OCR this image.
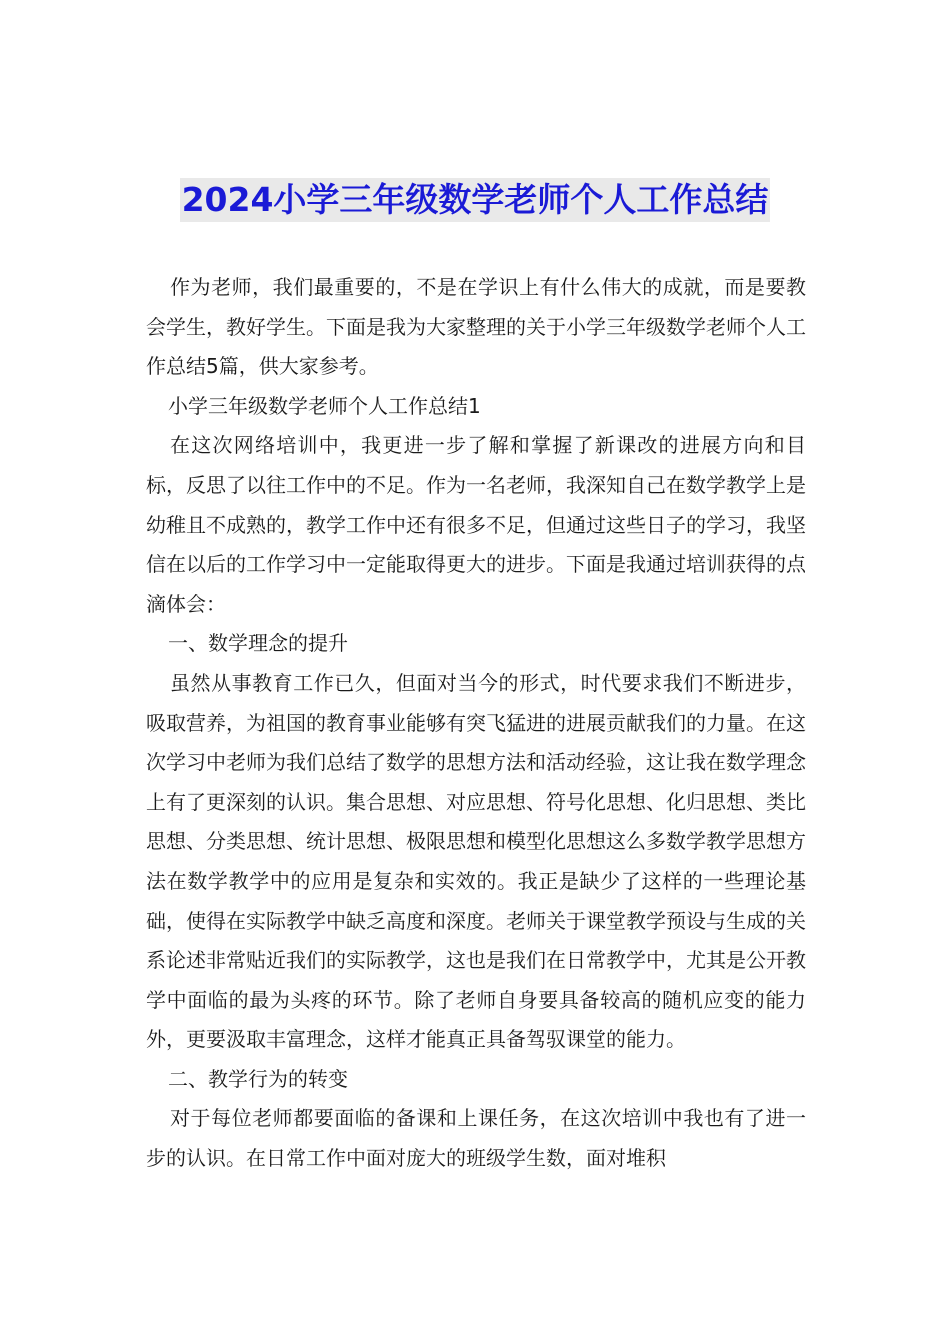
2024小学三年级数学老师个人工作总结

作为老师，我们最重要的，不是在学识上有什么伟大的成就，而是要教会学生，教好学生。下面是我为大家整理的关于小学三年级数学老师个人工作总结5篇，供大家参考。

小学三年级数学老师个人工作总结1

在这次网络培训中，我更进一步了解和掌握了新课改的进展方向和目标，反思了以往工作中的不足。作为一名老师，我深知自己在数学教学上是幼稚且不成熟的，教学工作中还有很多不足，但通过这些日子的学习，我坚信在以后的工作学习中一定能取得更大的进步。下面是我通过培训获得的点滴体会：

一、数学理念的提升

虽然从事教育工作已久，但面对当今的形式，时代要求我们不断进步，吸取营养，为祖国的教育事业能够有突飞猛进的进展贡献我们的力量。在这次学习中老师为我们总结了数学的思想方法和活动经验，这让我在数学理念上有了更深刻的认识。集合思想、对应思想、符号化思想、化归思想、类比思想、分类思想、统计思想、极限思想和模型化思想这么多数学教学思想方法在数学教学中的应用是复杂和实效的。我正是缺少了这样的一些理论基础，使得在实际教学中缺乏高度和深度。老师关于课堂教学预设与生成的关系论述非常贴近我们的实际教学，这也是我们在日常教学中，尤其是公开教学中面临的最为头疼的环节。除了老师自身要具备较高的随机应变的能力外，更要汲取丰富理念，这样才能真正具备驾驭课堂的能力。

二、教学行为的转变

对于每位老师都要面临的备课和上课任务，在这次培训中我也有了进一步的认识。在日常工作中面对庞大的班级学生数，面对堆积
